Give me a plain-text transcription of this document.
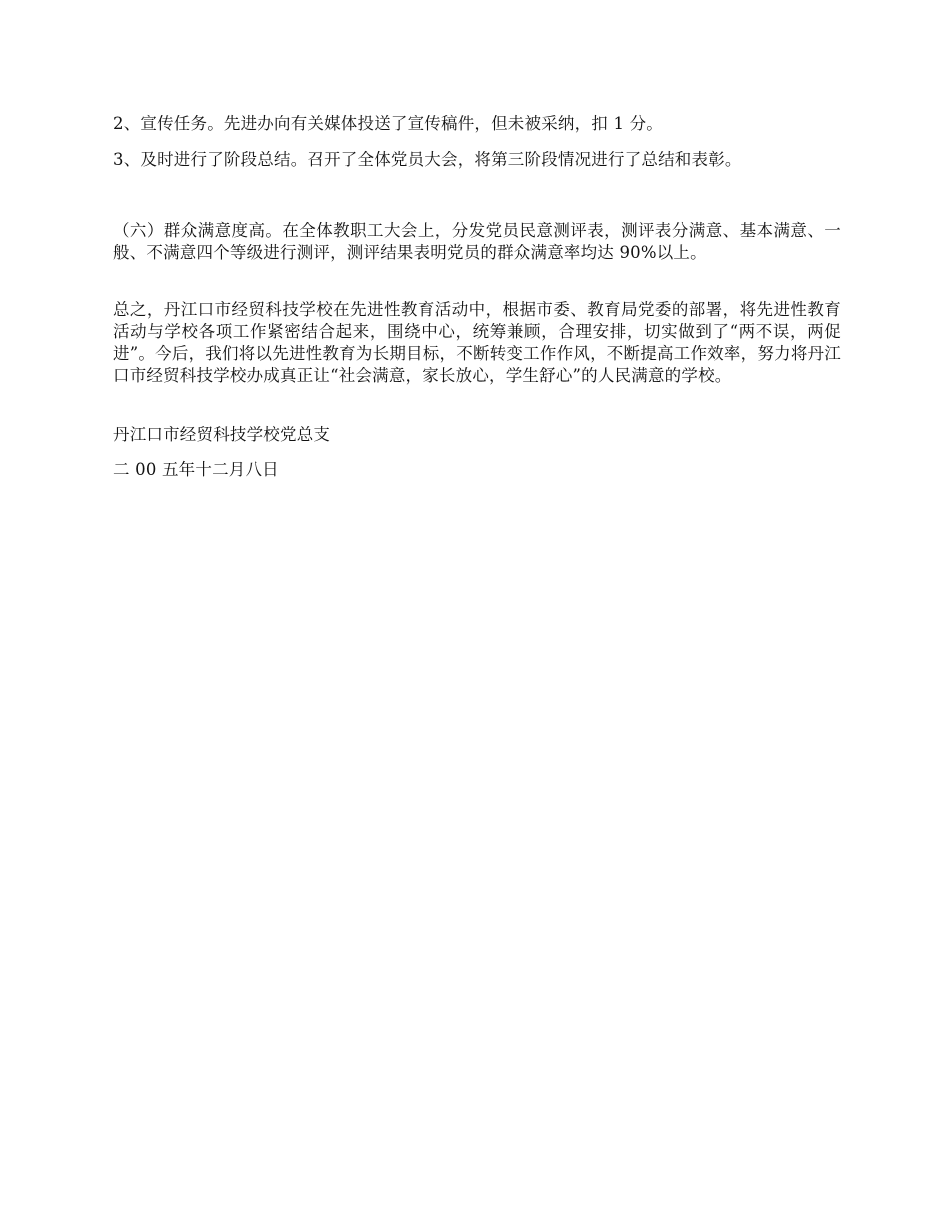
2、宣传任务。先进办向有关媒体投送了宣传稿件，但未被采纳，扣 1 分。

3、及时进行了阶段总结。召开了全体党员大会，将第三阶段情况进行了总结和表彰。

（六）群众满意度高。在全体教职工大会上，分发党员民意测评表，测评表分满意、基本满意、一般、不满意四个等级进行测评，测评结果表明党员的群众满意率均达 90%以上。

总之，丹江口市经贸科技学校在先进性教育活动中，根据市委、教育局党委的部署，将先进性教育活动与学校各项工作紧密结合起来，围绕中心，统筹兼顾，合理安排，切实做到了“两不误，两促进”。今后，我们将以先进性教育为长期目标，不断转变工作作风，不断提高工作效率，努力将丹江口市经贸科技学校办成真正让“社会满意，家长放心，学生舒心”的人民满意的学校。

丹江口市经贸科技学校党总支

二 00 五年十二月八日
